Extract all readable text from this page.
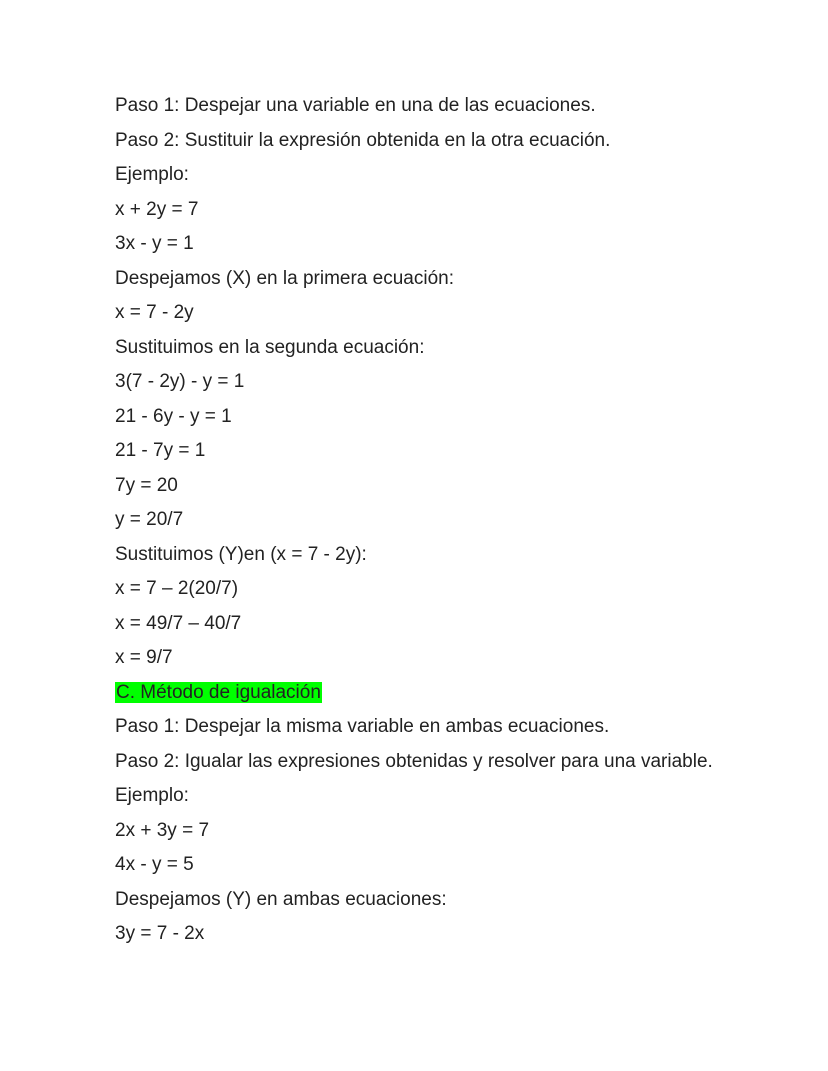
Paso 1: Despejar una variable en una de las ecuaciones.
Paso 2: Sustituir la expresión obtenida en la otra ecuación.
Ejemplo:
x + 2y = 7
3x - y = 1
Despejamos (X) en la primera ecuación:
x = 7 - 2y
Sustituimos en la segunda ecuación:
3(7 - 2y) - y = 1
21 - 6y - y = 1
21 - 7y = 1
7y = 20
y = 20/7
Sustituimos (Y)en (x = 7 - 2y):
x = 7 – 2(20/7)
x = 49/7 – 40/7
x = 9/7
C. Método de igualación
Paso 1: Despejar la misma variable en ambas ecuaciones.
Paso 2: Igualar las expresiones obtenidas y resolver para una variable.
Ejemplo:
2x + 3y = 7
4x - y = 5
Despejamos (Y) en ambas ecuaciones:
3y = 7 - 2x
